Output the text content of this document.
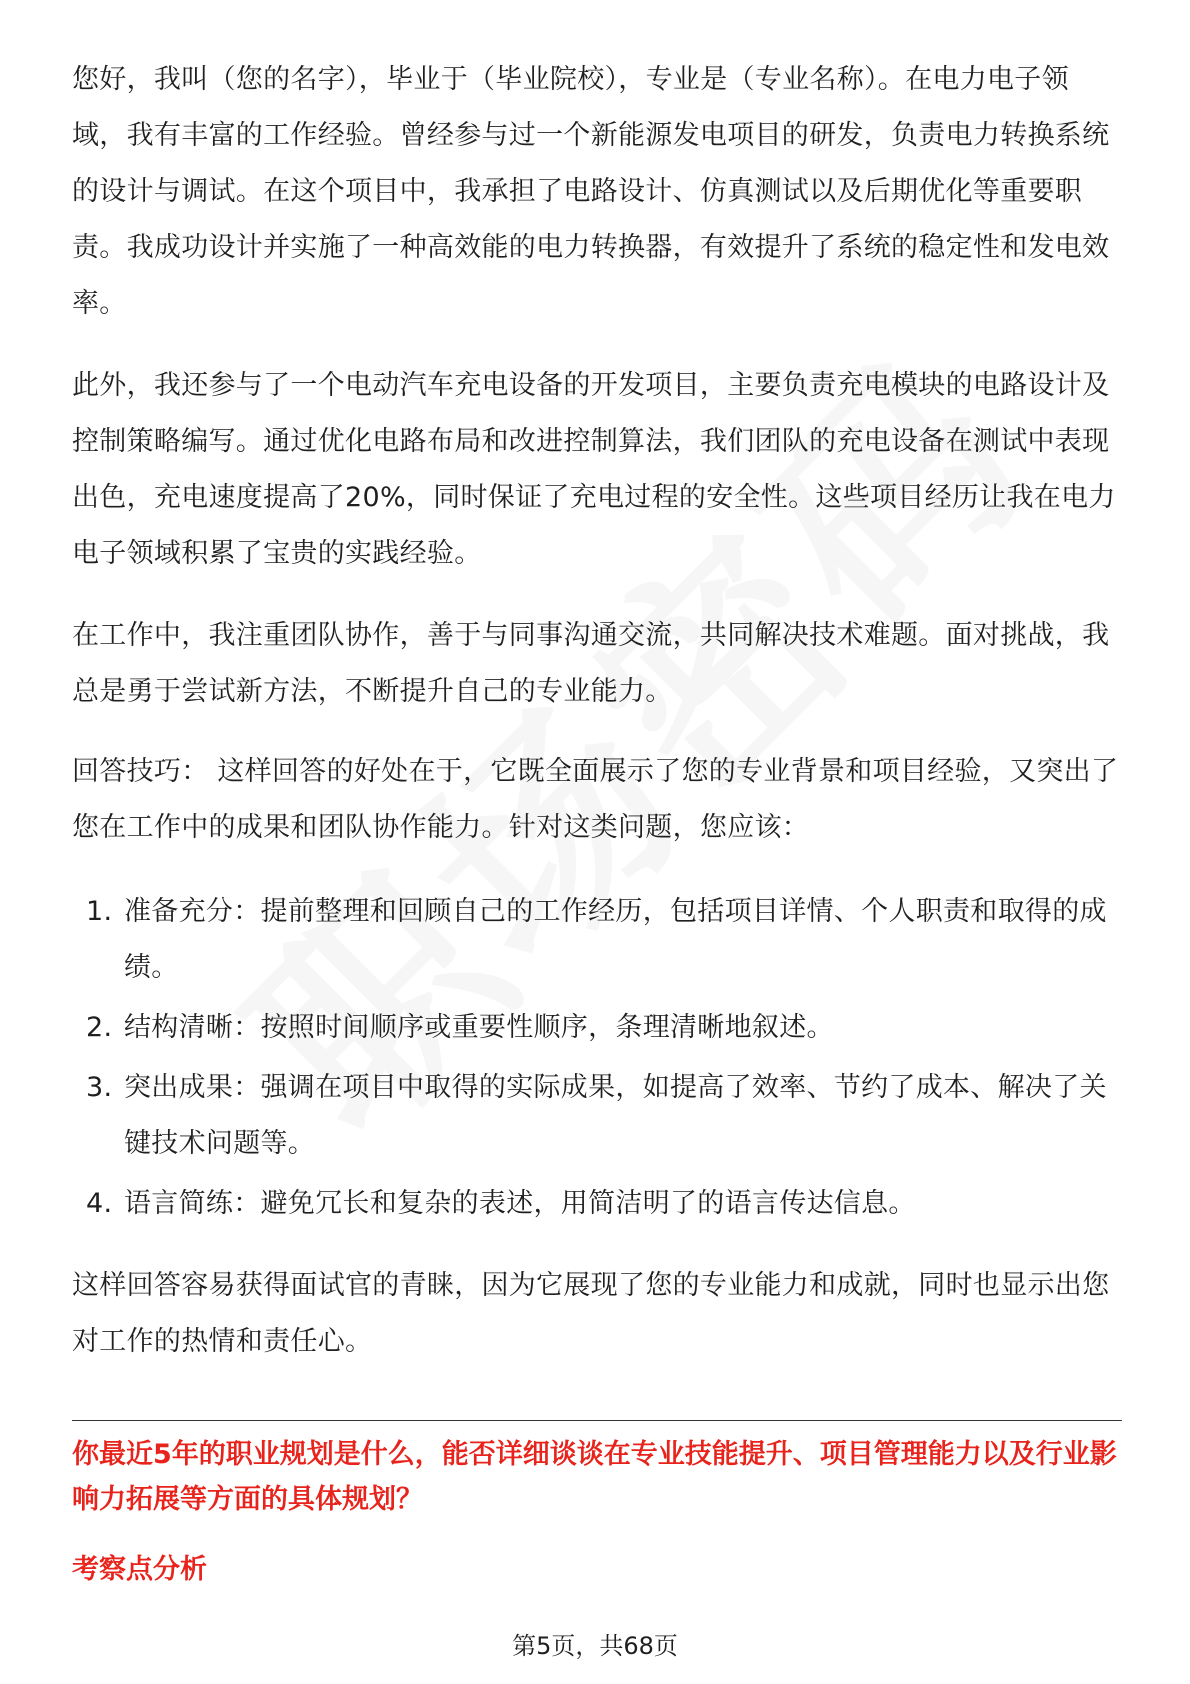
您好，我叫（您的名字），毕业于（毕业院校），专业是（专业名称）。在电力电子领域，我有丰富的工作经验。曾经参与过一个新能源发电项目的研发，负责电力转换系统的设计与调试。在这个项目中，我承担了电路设计、仿真测试以及后期优化等重要职责。我成功设计并实施了一种高效能的电力转换器，有效提升了系统的稳定性和发电效率。

此外，我还参与了一个电动汽车充电设备的开发项目，主要负责充电模块的电路设计及控制策略编写。通过优化电路布局和改进控制算法，我们团队的充电设备在测试中表现出色，充电速度提高了20%，同时保证了充电过程的安全性。这些项目经历让我在电力电子领域积累了宝贵的实践经验。

在工作中，我注重团队协作，善于与同事沟通交流，共同解决技术难题。面对挑战，我总是勇于尝试新方法，不断提升自己的专业能力。

回答技巧： 这样回答的好处在于，它既全面展示了您的专业背景和项目经验，又突出了您在工作中的成果和团队协作能力。针对这类问题，您应该：

1. 准备充分：提前整理和回顾自己的工作经历，包括项目详情、个人职责和取得的成绩。
2. 结构清晰：按照时间顺序或重要性顺序，条理清晰地叙述。
3. 突出成果：强调在项目中取得的实际成果，如提高了效率、节约了成本、解决了关键技术问题等。
4. 语言简练：避免冗长和复杂的表述，用简洁明了的语言传达信息。

这样回答容易获得面试官的青睐，因为它展现了您的专业能力和成就，同时也显示出您对工作的热情和责任心。

你最近5年的职业规划是什么，能否详细谈谈在专业技能提升、项目管理能力以及行业影响力拓展等方面的具体规划？

考察点分析

第5页，共68页
